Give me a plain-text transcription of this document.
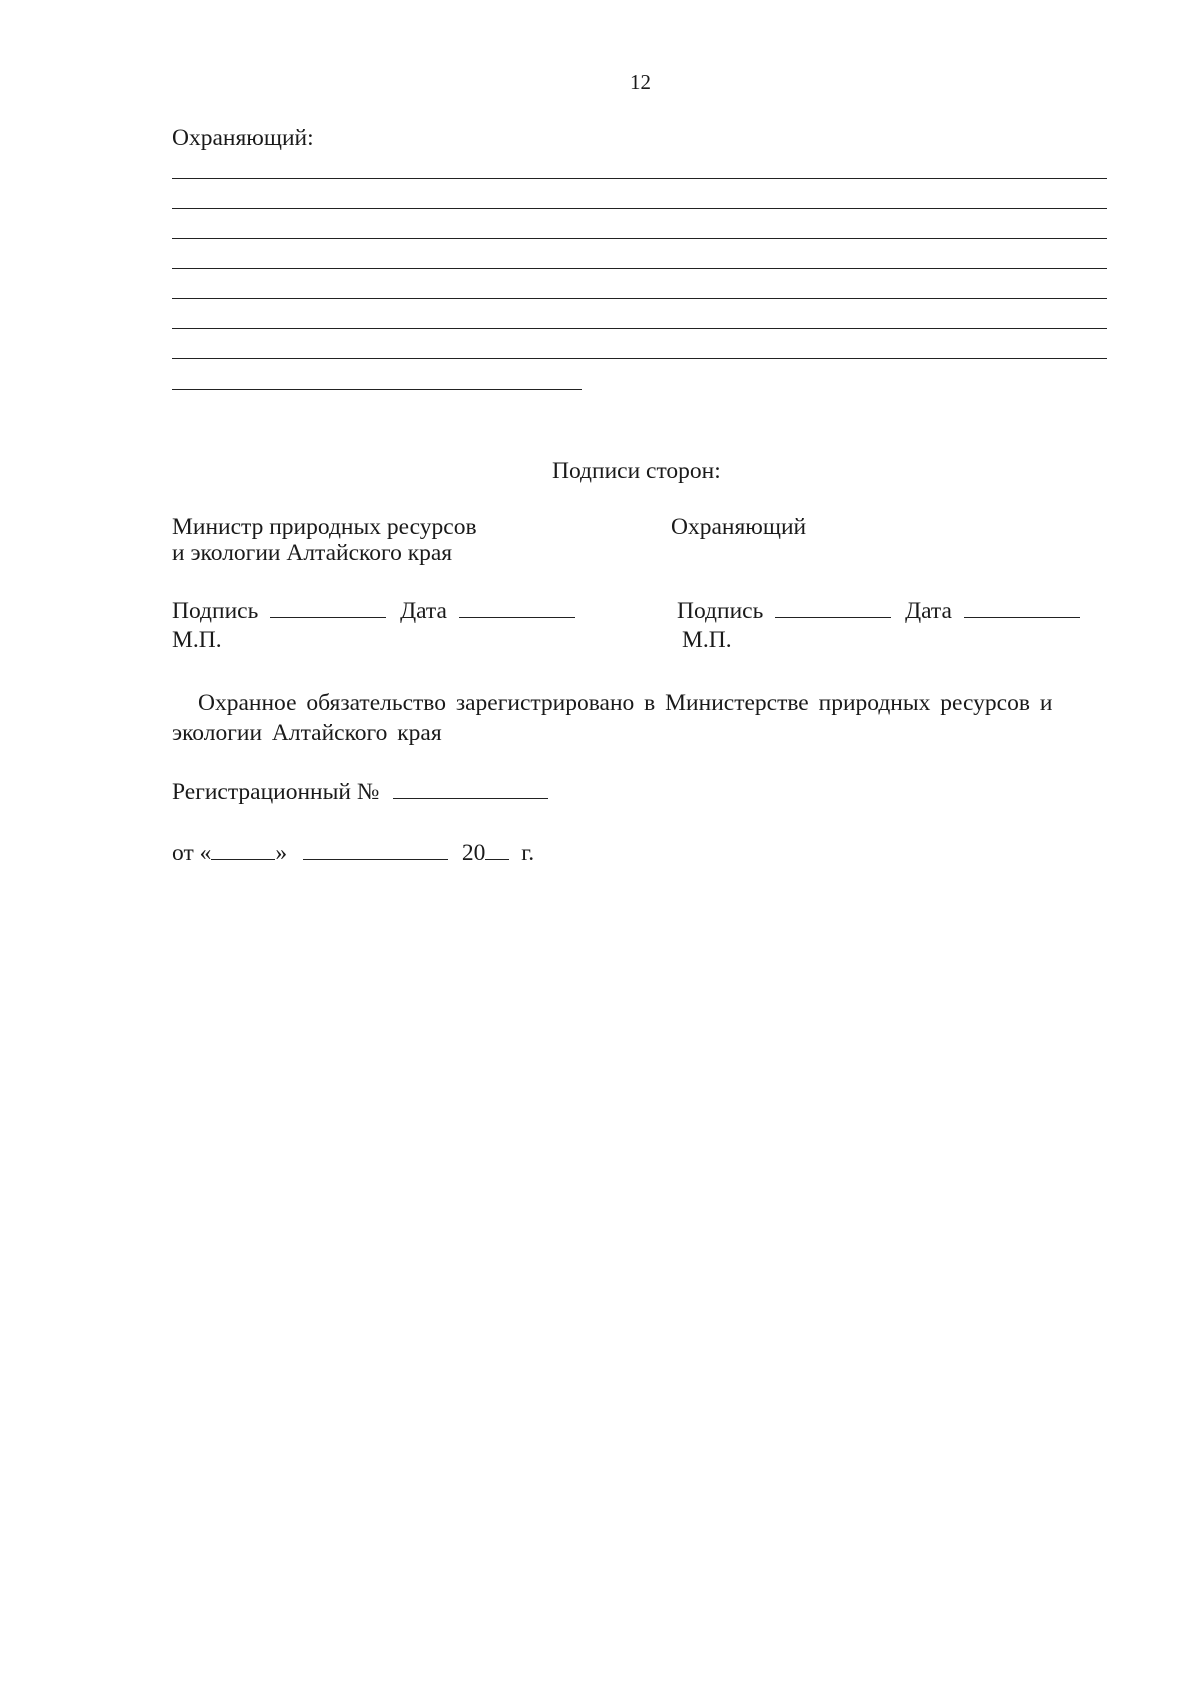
12
Охраняющий:
Подписи сторон:
Министр природных ресурсов
и экологии Алтайского края
Охраняющий
Подпись	Дата	Подпись	Дата
М.П.	М.П.
Охранное обязательство зарегистрировано в Министерстве природных ресурсов и экологии Алтайского края
Регистрационный №
от «	»	20 г.
